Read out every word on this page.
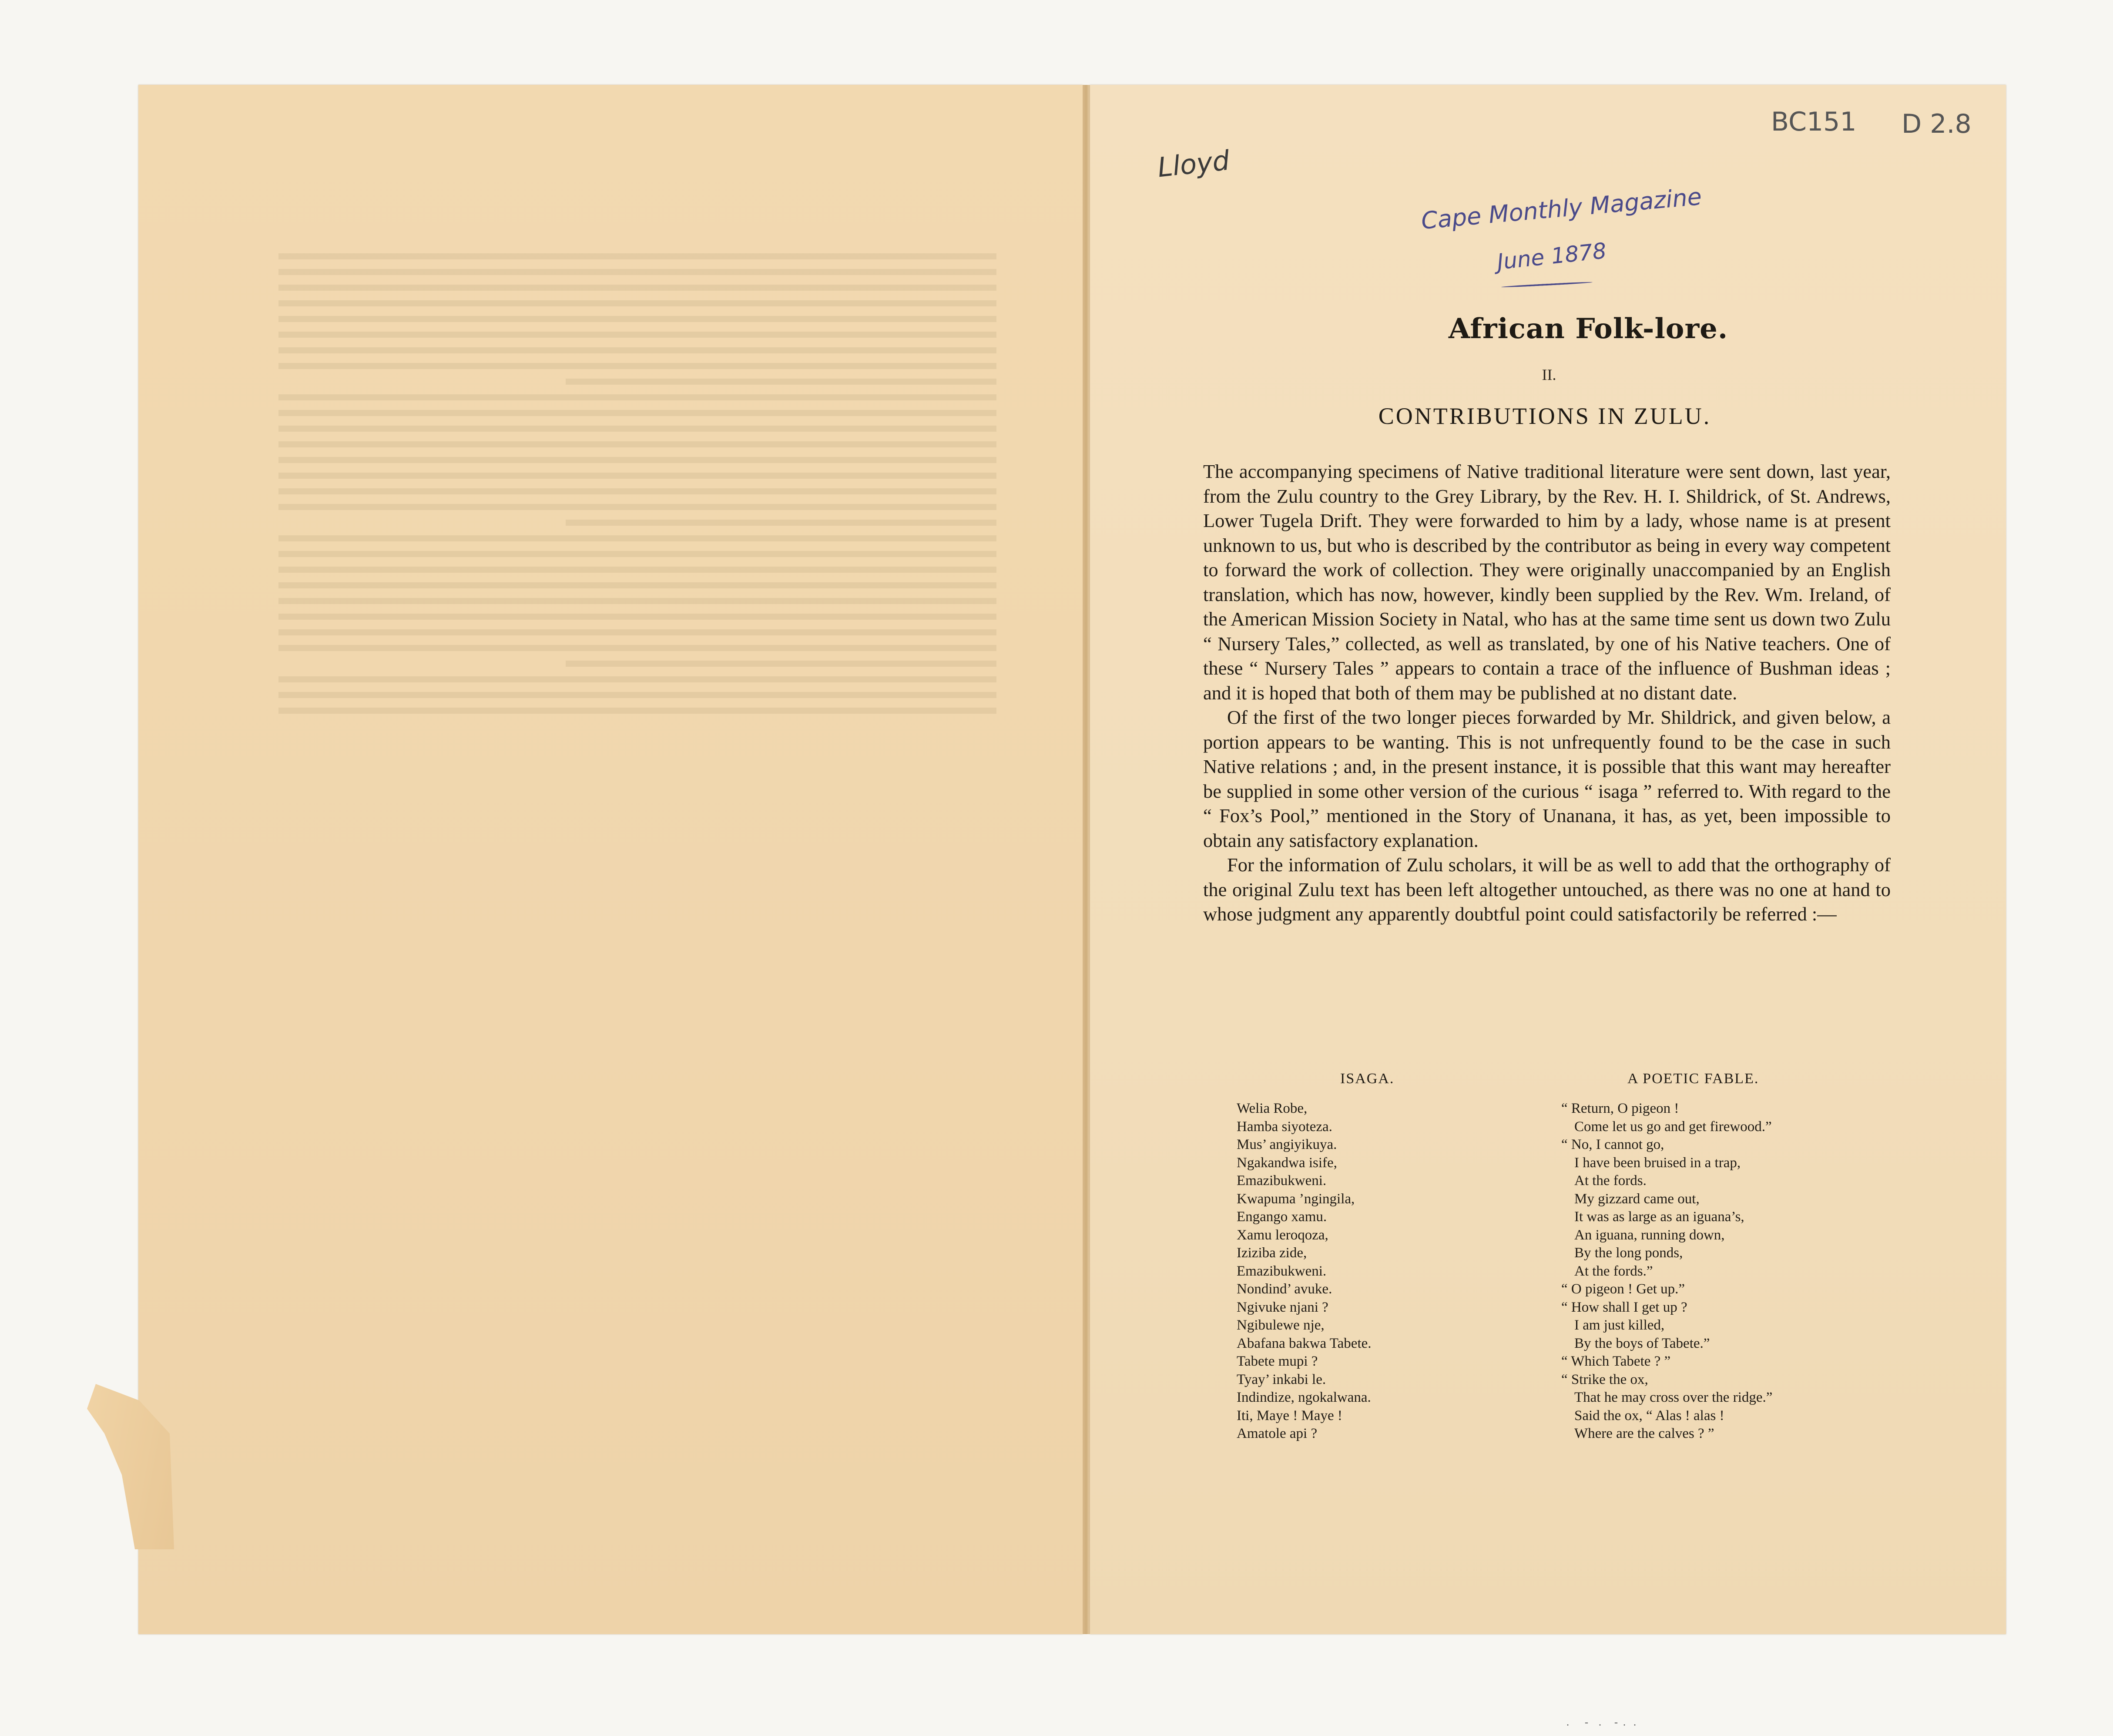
Lloyd
BC151 D 2.8
Cape Monthly Magazine
June 1878
African Folk-lore.
II.
CONTRIBUTIONS IN ZULU.

The accompanying specimens of Native traditional literature were sent down, last year, from the Zulu country to the Grey Library, by the Rev. H. I. Shildrick, of St. Andrews, Lower Tugela Drift. They were forwarded to him by a lady, whose name is at present unknown to us, but who is described by the contributor as being in every way competent to forward the work of collection. They were originally unaccompanied by an English translation, which has now, however, kindly been supplied by the Rev. Wm. Ireland, of the American Mission Society in Natal, who has at the same time sent us down two Zulu “ Nursery Tales,” collected, as well as translated, by one of his Native teachers. One of these “ Nursery Tales ” appears to contain a trace of the influence of Bushman ideas ; and it is hoped that both of them may be published at no distant date.

Of the first of the two longer pieces forwarded by Mr. Shildrick, and given below, a portion appears to be wanting. This is not unfrequently found to be the case in such Native relations ; and, in the present instance, it is possible that this want may hereafter be supplied in some other version of the curious “ isaga ” referred to. With regard to the “ Fox’s Pool,” mentioned in the Story of Unanana, it has, as yet, been impossible to obtain any satisfactory explanation.

For the information of Zulu scholars, it will be as well to add that the orthography of the original Zulu text has been left altogether untouched, as there was no one at hand to whose judgment any apparently doubtful point could satisfactorily be referred :—

ISAGA.	A POETIC FABLE.
Welia Robe,
Hamba siyoteza.
Mus’ angiyikuya.
Ngakandwa isife,
Emazibukweni.
Kwapuma ’ngingila,
Engango xamu.
Xamu leroqoza,
Iziziba zide,
Emazibukweni.
Nondind’ avuke.
Ngivuke njani ?
Ngibulewe nje,
Abafana bakwa Tabete.
Tabete mupi ?
Tyay’ inkabi le.
Indindize, ngokalwana.
Iti, Maye ! Maye !
Amatole api ?
“ Return, O pigeon !
Come let us go and get firewood.”
“ No, I cannot go,
I have been bruised in a trap,
At the fords.
My gizzard came out,
It was as large as an iguana’s,
An iguana, running down,
By the long ponds,
At the fords.”
“ O pigeon ! Get up.”
“ How shall I get up ?
I am just killed,
By the boys of Tabete.”
“ Which Tabete ? ”
“ Strike the ox,
That he may cross over the ridge.”
Said the ox, “ Alas ! alas !
Where are the calves ? ”
.      -    .     -  .   .
